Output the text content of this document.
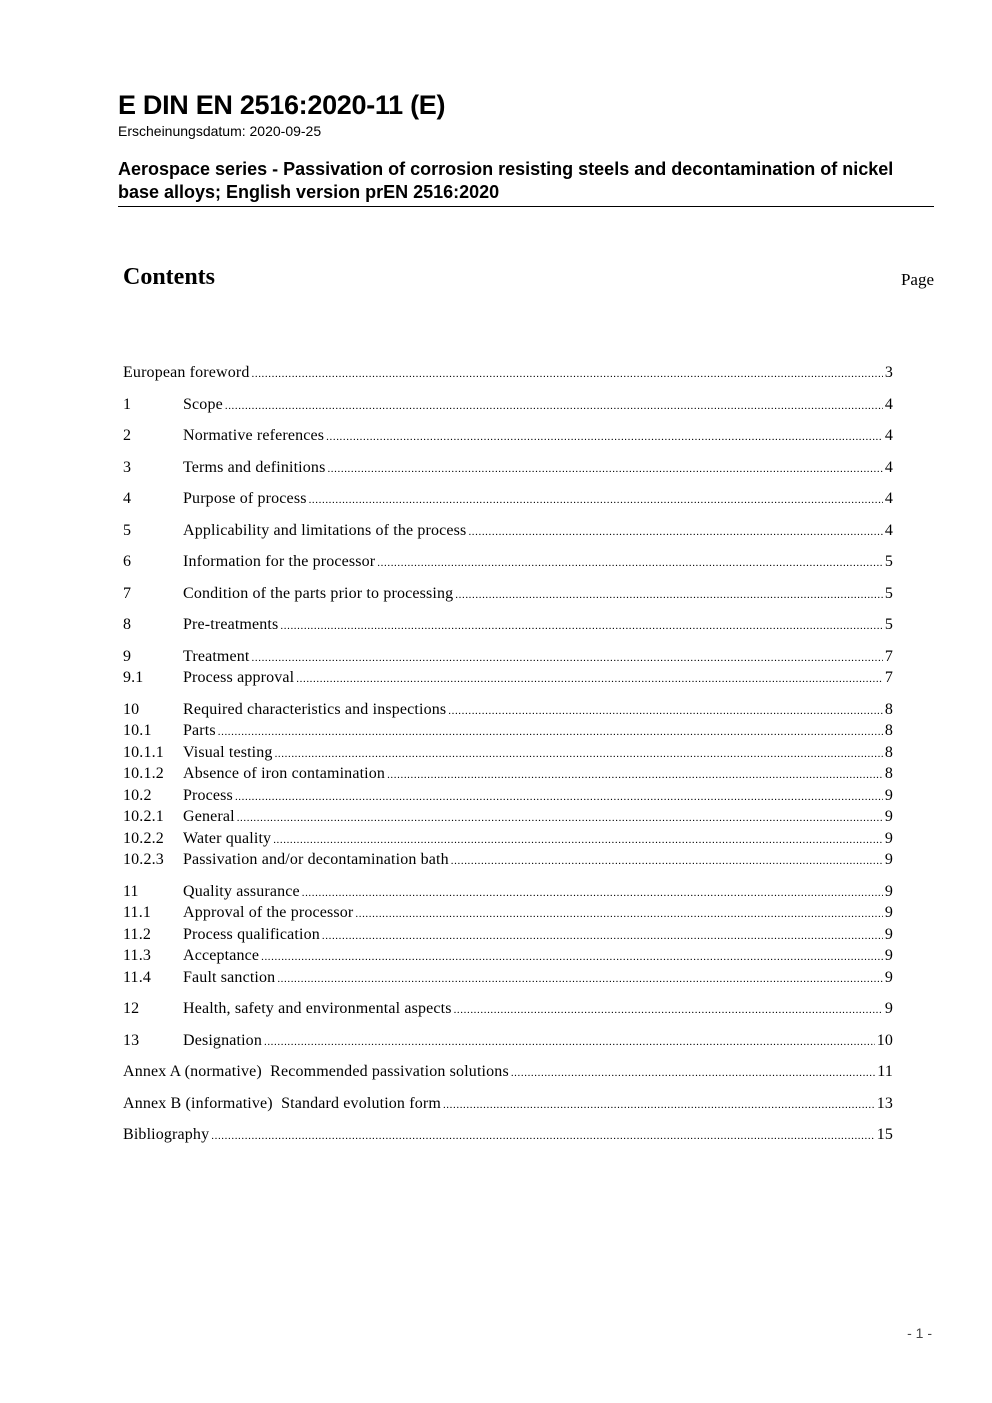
E DIN EN 2516:2020-11 (E)
Erscheinungsdatum: 2020-09-25
Aerospace series - Passivation of corrosion resisting steels and decontamination of nickel base alloys; English version prEN 2516:2020
Contents	Page
European foreword .....	3
1	Scope .....	4
2	Normative references .....	4
3	Terms and definitions .....	4
4	Purpose of process .....	4
5	Applicability and limitations of the process .....	4
6	Information for the processor .....	5
7	Condition of the parts prior to processing .....	5
8	Pre-treatments .....	5
9	Treatment .....	7
9.1	Process approval .....	7
10	Required characteristics and inspections .....	8
10.1	Parts .....	8
10.1.1	Visual testing .....	8
10.1.2	Absence of iron contamination .....	8
10.2	Process .....	9
10.2.1	General .....	9
10.2.2	Water quality .....	9
10.2.3	Passivation and/or decontamination bath .....	9
11	Quality assurance .....	9
11.1	Approval of the processor .....	9
11.2	Process qualification .....	9
11.3	Acceptance .....	9
11.4	Fault sanction .....	9
12	Health, safety and environmental aspects .....	9
13	Designation .....	10
Annex A (normative)  Recommended passivation solutions .....	11
Annex B (informative)  Standard evolution form .....	13
Bibliography .....	15
- 1 -
